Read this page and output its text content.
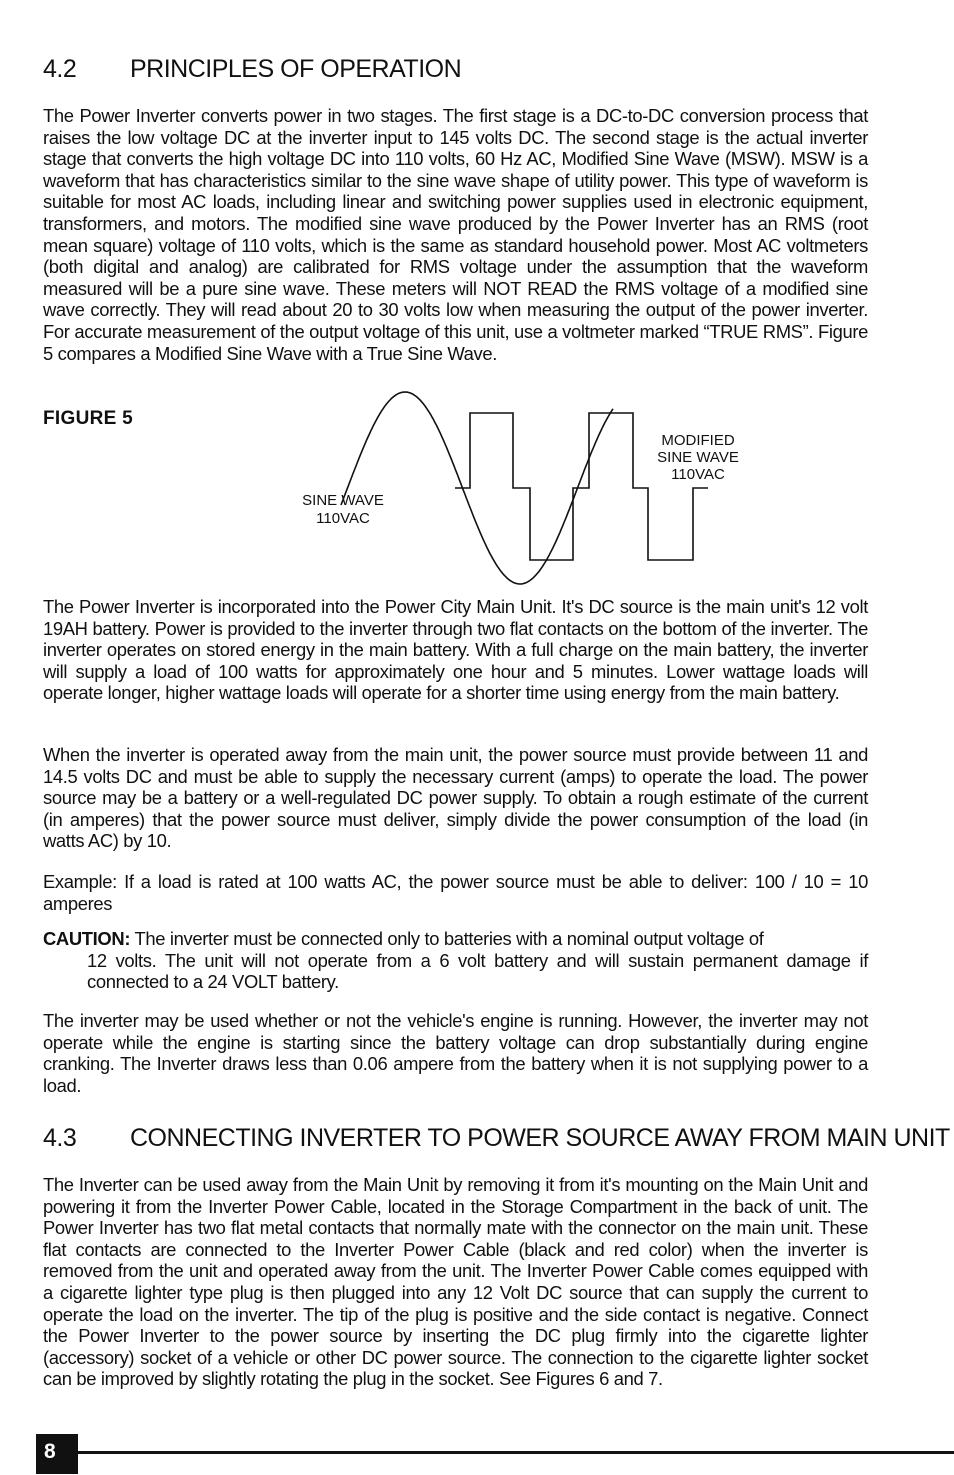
4.2 PRINCIPLES OF OPERATION
The Power Inverter converts power in two stages. The first stage is a DC-to-DC conversion process that raises the low voltage DC at the inverter input to 145 volts DC. The second stage is the actual inverter stage that converts the high voltage DC into 110 volts, 60 Hz AC, Modified Sine Wave (MSW). MSW is a waveform that has characteristics similar to the sine wave shape of utility power. This type of waveform is suitable for most AC loads, including linear and switching power supplies used in electronic equipment, transformers, and motors. The modified sine wave produced by the Power Inverter has an RMS (root mean square) voltage of 110 volts, which is the same as standard household power. Most AC voltmeters (both digital and analog) are calibrated for RMS voltage under the assumption that the waveform measured will be a pure sine wave. These meters will NOT READ the RMS voltage of a modified sine wave correctly. They will read about 20 to 30 volts low when measuring the output of the power inverter. For accurate measurement of the output voltage of this unit, use a voltmeter marked “TRUE RMS”. Figure 5 compares a Modified Sine Wave with a True Sine Wave.
FIGURE 5
SINE WAVE
110VAC
MODIFIED
SINE WAVE
110VAC
The Power Inverter is incorporated into the Power City Main Unit. It's DC source is the main unit's 12 volt 19AH battery. Power is provided to the inverter through two flat contacts on the bottom of the inverter. The inverter operates on stored energy in the main battery. With a full charge on the main battery, the inverter will supply a load of 100 watts for approximately one hour and 5 minutes. Lower wattage loads will operate longer, higher wattage loads will operate for a shorter time using energy from the main battery.
When the inverter is operated away from the main unit, the power source must provide between 11 and 14.5 volts DC and must be able to supply the necessary current (amps) to operate the load. The power source may be a battery or a well-regulated DC power supply. To obtain a rough estimate of the current (in amperes) that the power source must deliver, simply divide the power consumption of the load (in watts AC) by 10.
Example: If a load is rated at 100 watts AC, the power source must be able to deliver: 100 / 10 = 10 amperes
CAUTION: The inverter must be connected only to batteries with a nominal output voltage of
12 volts. The unit will not operate from a 6 volt battery and will sustain permanent damage if connected to a 24 VOLT battery.
The inverter may be used whether or not the vehicle's engine is running. However, the inverter may not operate while the engine is starting since the battery voltage can drop substantially during engine cranking. The Inverter draws less than 0.06 ampere from the battery when it is not supplying power to a load.
4.3 CONNECTING INVERTER TO POWER SOURCE AWAY FROM MAIN UNIT
The Inverter can be used away from the Main Unit by removing it from it's mounting on the Main Unit and powering it from the Inverter Power Cable, located in the Storage Compartment in the back of unit. The Power Inverter has two flat metal contacts that normally mate with the connector on the main unit. These flat contacts are connected to the Inverter Power Cable (black and red color) when the inverter is removed from the unit and operated away from the unit. The Inverter Power Cable comes equipped with a cigarette lighter type plug is then plugged into any 12 Volt DC source that can supply the current to operate the load on the inverter. The tip of the plug is positive and the side contact is negative. Connect the Power Inverter to the power source by inserting the DC plug firmly into the cigarette lighter (accessory) socket of a vehicle or other DC power source. The connection to the cigarette lighter socket can be improved by slightly rotating the plug in the socket. See Figures 6 and 7.
8
